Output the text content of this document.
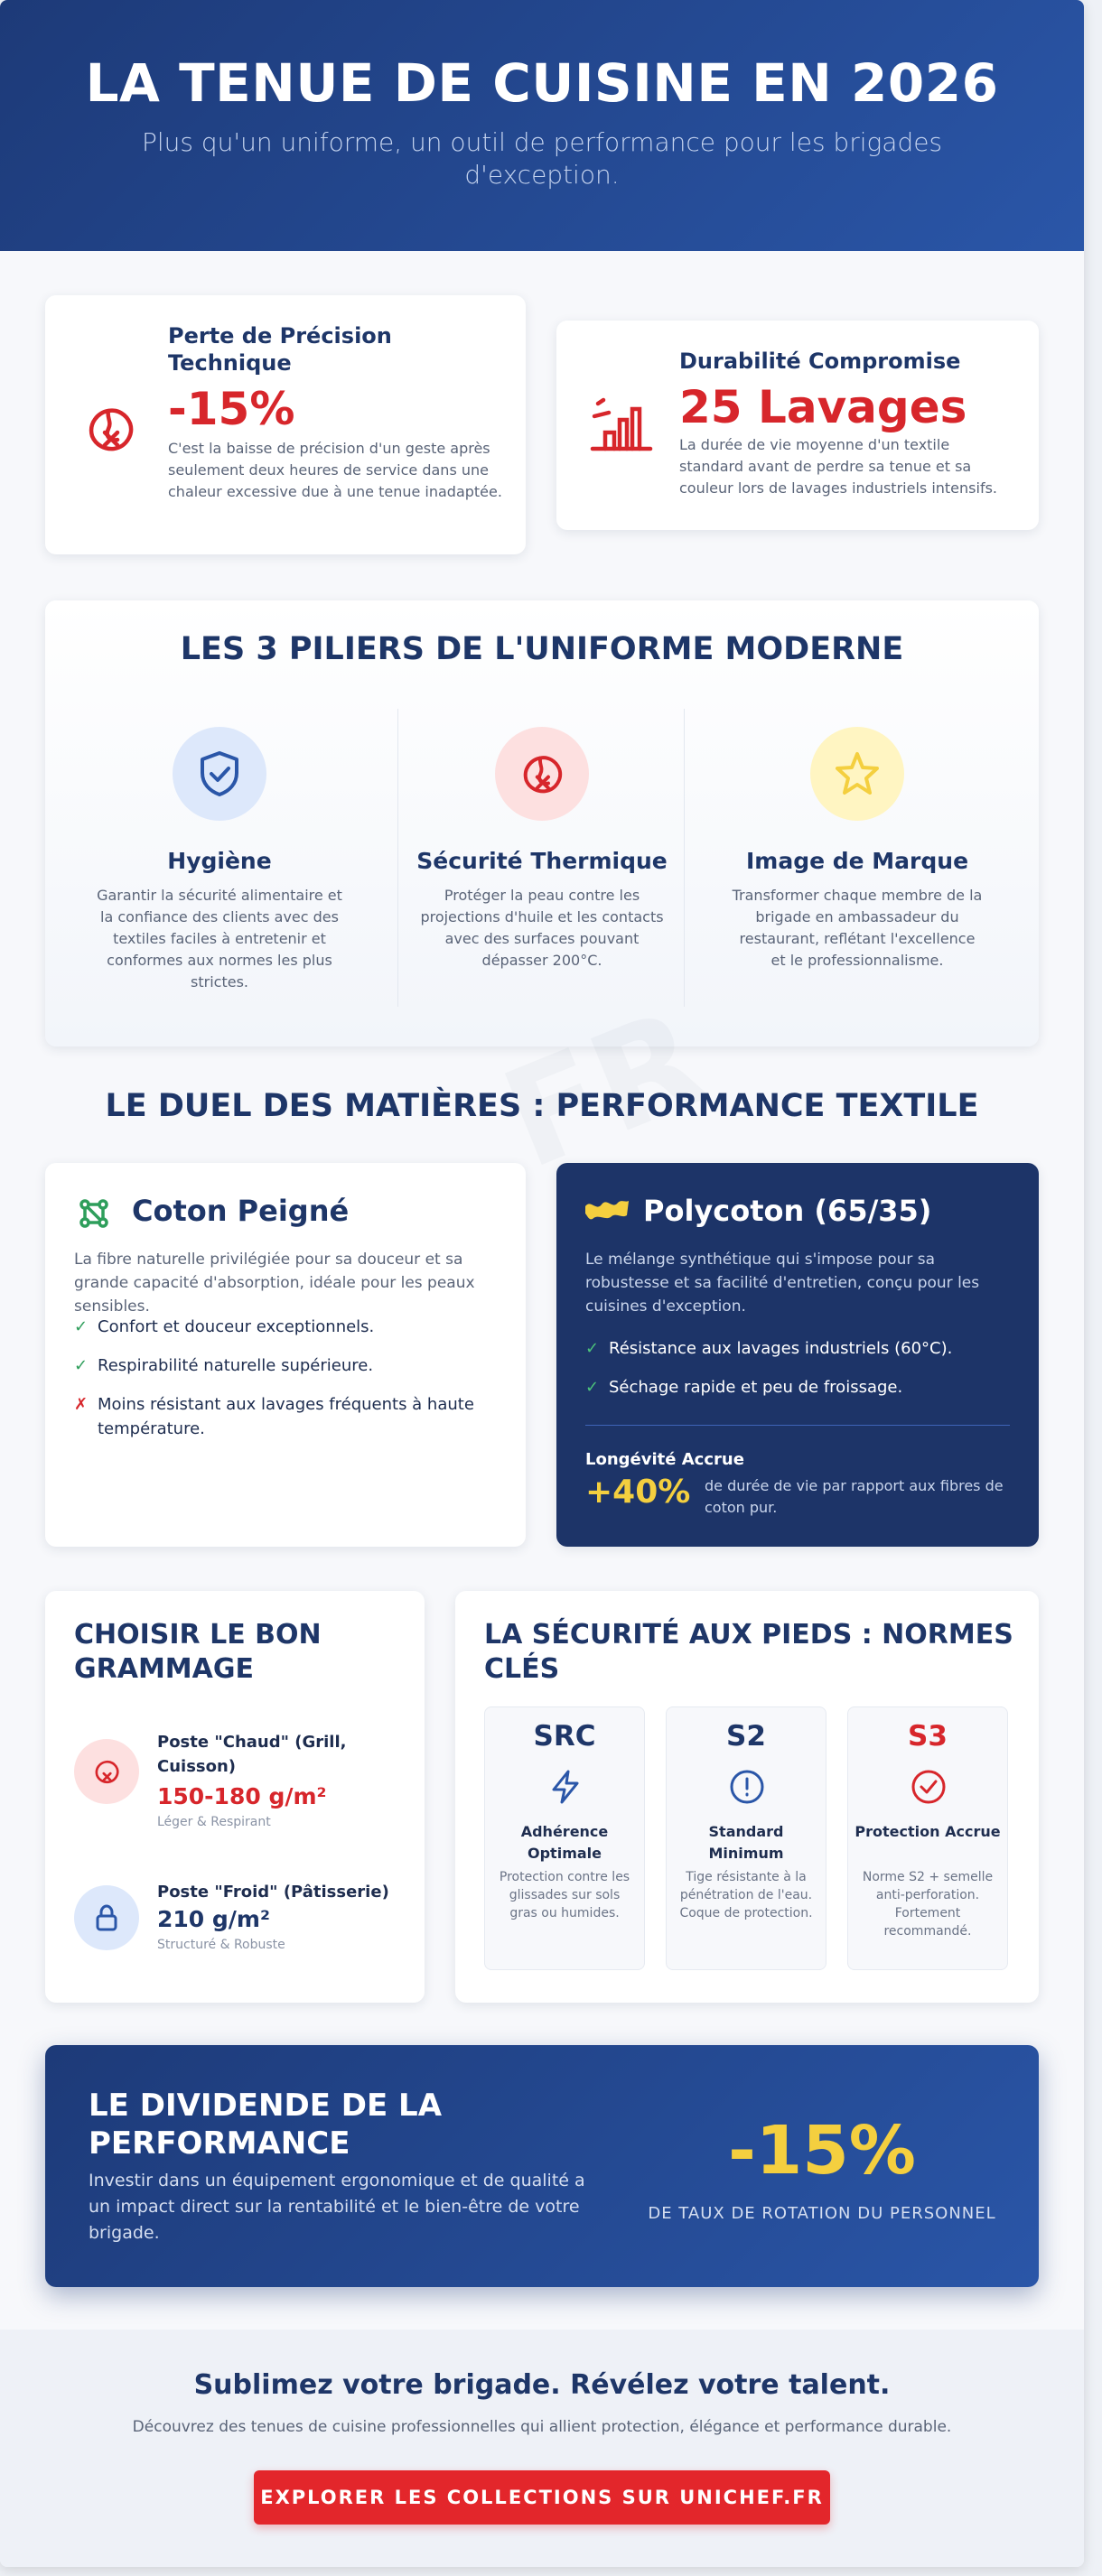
LA TENUE DE CUISINE EN 2026

Plus qu'un uniforme, un outil de performance pour les brigades d'exception.

Perte de Précision Technique
-15%
C'est la baisse de précision d'un geste après seulement deux heures de service dans une chaleur excessive due à une tenue inadaptée.
Durabilité Compromise
25 Lavages
La durée de vie moyenne d'un textile standard avant de perdre sa tenue et sa couleur lors de lavages industriels intensifs.
LES 3 PILIERS DE L'UNIFORME MODERNE
Hygiène

Garantir la sécurité alimentaire et la confiance des clients avec des textiles faciles à entretenir et conformes aux normes les plus strictes.

Sécurité Thermique

Protéger la peau contre les projections d'huile et les contacts avec des surfaces pouvant dépasser 200°C.

Image de Marque

Transformer chaque membre de la brigade en ambassadeur du restaurant, reflétant l'excellence et le professionnalisme.

LE DUEL DES MATIÈRES : PERFORMANCE TEXTILE
Coton Peigné
La fibre naturelle privilégiée pour sa douceur et sa grande capacité d'absorption, idéale pour les peaux sensibles.
✓ Confort et douceur exceptionnels.
✓ Respirabilité naturelle supérieure.
✗ Moins résistant aux lavages fréquents à haute température.
Polycoton (65/35)
Le mélange synthétique qui s'impose pour sa robustesse et sa facilité d'entretien, conçu pour les cuisines d'exception.
✓ Résistance aux lavages industriels (60°C).
✓ Séchage rapide et peu de froissage.
Longévité Accrue
+40% de durée de vie par rapport aux fibres de coton pur.
CHOISIR LE BON GRAMMAGE
Poste "Chaud" (Grill, Cuisson)
150-180 g/m²
Léger & Respirant
Poste "Froid" (Pâtisserie)
210 g/m²
Structuré & Robuste
LA SÉCURITÉ AUX PIEDS : NORMES CLÉS
SRC
Adhérence Optimale
Protection contre les glissades sur sols gras ou humides.
S2
Standard Minimum
Tige résistante à la pénétration de l'eau. Coque de protection.
S3
Protection Accrue
Norme S2 + semelle anti-perforation. Fortement recommandé.
LE DIVIDENDE DE LA PERFORMANCE
Investir dans un équipement ergonomique et de qualité a un impact direct sur la rentabilité et le bien-être de votre brigade.
-15%
DE TAUX DE ROTATION DU PERSONNEL
Sublimez votre brigade. Révélez votre talent.
Découvrez des tenues de cuisine professionnelles qui allient protection, élégance et performance durable.
EXPLORER LES COLLECTIONS SUR UNICHEF.FR
